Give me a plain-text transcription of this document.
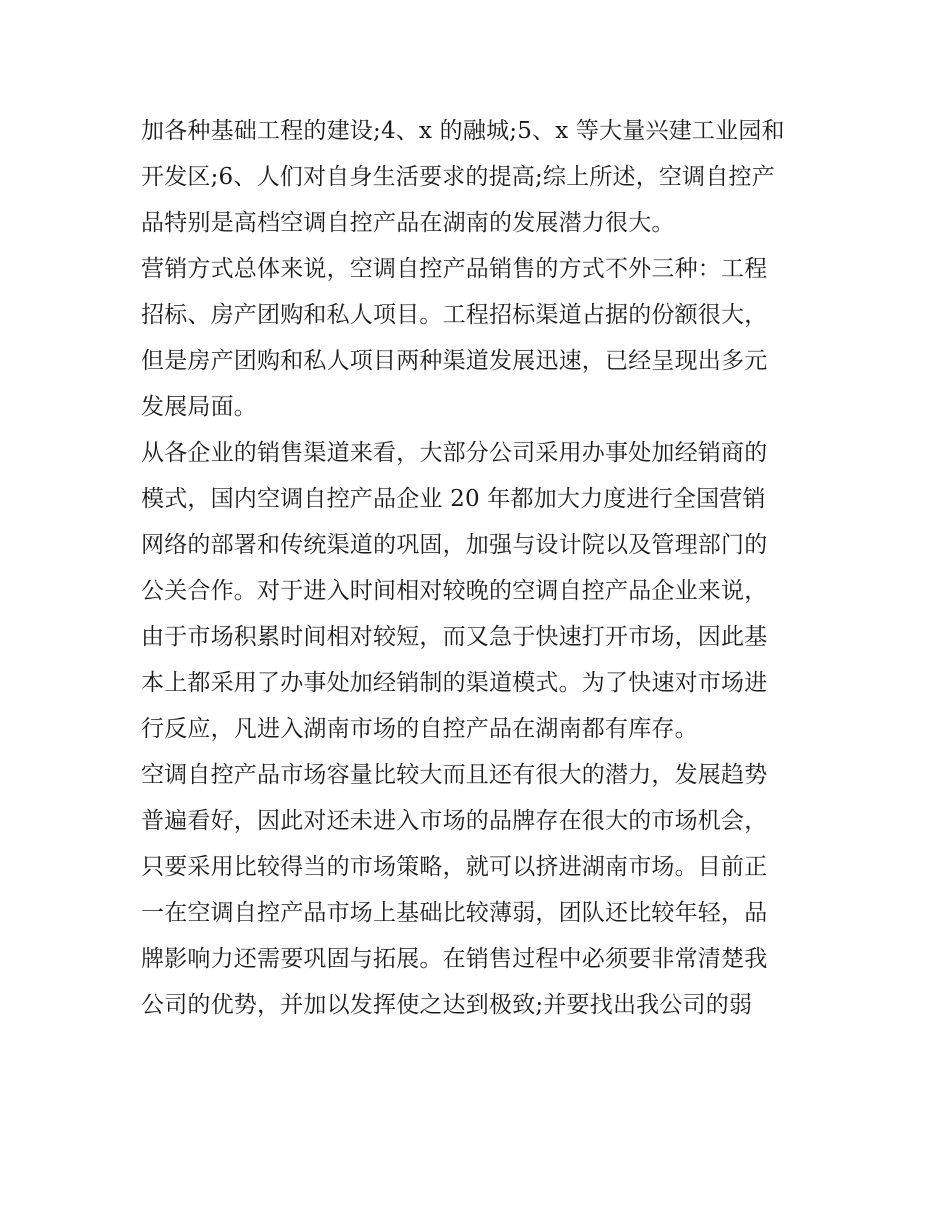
加各种基础工程的建设;4、x 的融城;5、x 等大量兴建工业园和
开发区;6、人们对自身生活要求的提高;综上所述，空调自控产
品特别是高档空调自控产品在湖南的发展潜力很大。
营销方式总体来说，空调自控产品销售的方式不外三种：工程
招标、房产团购和私人项目。工程招标渠道占据的份额很大，
但是房产团购和私人项目两种渠道发展迅速，已经呈现出多元
发展局面。
从各企业的销售渠道来看，大部分公司采用办事处加经销商的
模式，国内空调自控产品企业 20 年都加大力度进行全国营销
网络的部署和传统渠道的巩固，加强与设计院以及管理部门的
公关合作。对于进入时间相对较晚的空调自控产品企业来说，
由于市场积累时间相对较短，而又急于快速打开市场，因此基
本上都采用了办事处加经销制的渠道模式。为了快速对市场进
行反应，凡进入湖南市场的自控产品在湖南都有库存。
空调自控产品市场容量比较大而且还有很大的潜力，发展趋势
普遍看好，因此对还未进入市场的品牌存在很大的市场机会，
只要采用比较得当的市场策略，就可以挤进湖南市场。目前正
一在空调自控产品市场上基础比较薄弱，团队还比较年轻，品
牌影响力还需要巩固与拓展。在销售过程中必须要非常清楚我
公司的优势，并加以发挥使之达到极致;并要找出我公司的弱
